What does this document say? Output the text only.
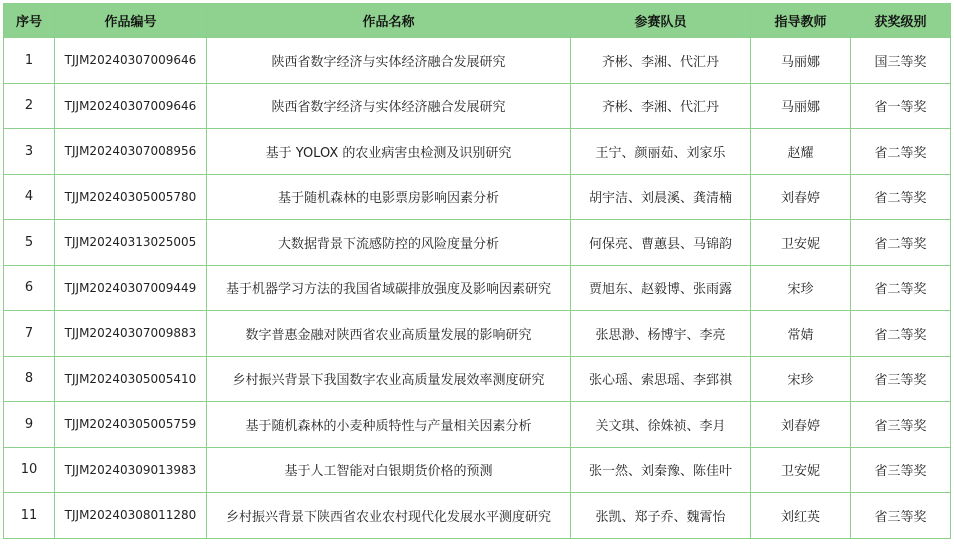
序号	作品编号	作品名称	参赛队员	指导教师	获奖级别
1	TJJM20240307009646	陕西省数字经济与实体经济融合发展研究	齐彬、李湘、代汇丹	马丽娜	国三等奖
2	TJJM20240307009646	陕西省数字经济与实体经济融合发展研究	齐彬、李湘、代汇丹	马丽娜	省一等奖
3	TJJM20240307008956	基于 YOLOX 的农业病害虫检测及识别研究	王宁、颜丽茹、刘家乐	赵耀	省二等奖
4	TJJM20240305005780	基于随机森林的电影票房影响因素分析	胡宇洁、刘晨溪、龚清楠	刘春婷	省二等奖
5	TJJM20240313025005	大数据背景下流感防控的风险度量分析	何保亮、曹蕙县、马锦韵	卫安妮	省二等奖
6	TJJM20240307009449	基于机器学习方法的我国省域碳排放强度及影响因素研究	贾旭东、赵毅博、张雨露	宋珍	省二等奖
7	TJJM20240307009883	数字普惠金融对陕西省农业高质量发展的影响研究	张思渺、杨博宇、李亮	常婧	省二等奖
8	TJJM20240305005410	乡村振兴背景下我国数字农业高质量发展效率测度研究	张心瑶、索思瑶、李郅祺	宋珍	省三等奖
9	TJJM20240305005759	基于随机森林的小麦种质特性与产量相关因素分析	关文琪、徐姝祯、李月	刘春婷	省三等奖
10	TJJM20240309013983	基于人工智能对白银期货价格的预测	张一然、刘秦豫、陈佳叶	卫安妮	省三等奖
11	TJJM20240308011280	乡村振兴背景下陕西省农业农村现代化发展水平测度研究	张凯、郑子乔、魏霄怡	刘红英	省三等奖
